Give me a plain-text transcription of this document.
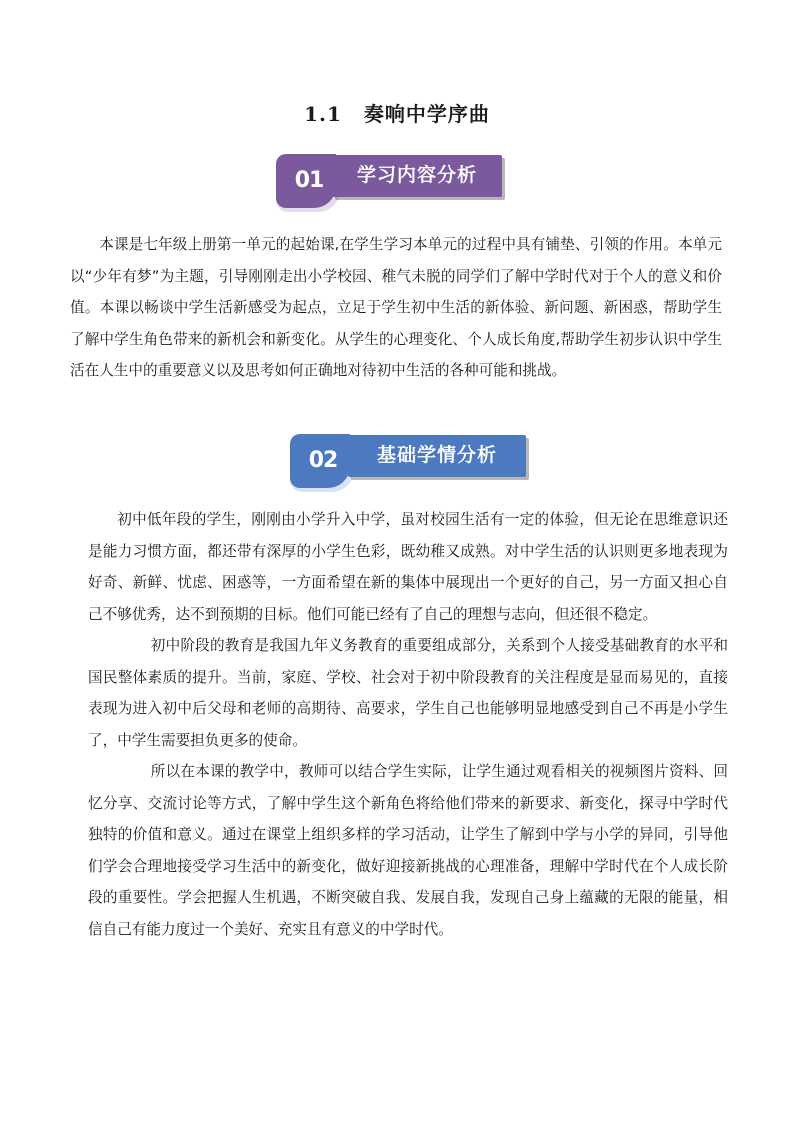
1.1 奏响中学序曲
01	学习内容分析

本课是七年级上册第一单元的起始课,在学生学习本单元的过程中具有铺垫、引领的作用。本单元以“少年有梦”为主题，引导刚刚走出小学校园、稚气未脱的同学们了解中学时代对于个人的意义和价值。本课以畅谈中学生活新感受为起点，立足于学生初中生活的新体验、新问题、新困惑，帮助学生了解中学生角色带来的新机会和新变化。从学生的心理变化、个人成长角度,帮助学生初步认识中学生活在人生中的重要意义以及思考如何正确地对待初中生活的各种可能和挑战。

02	基础学情分析

初中低年段的学生，刚刚由小学升入中学，虽对校园生活有一定的体验，但无论在思维意识还是能力习惯方面，都还带有深厚的小学生色彩，既幼稚又成熟。对中学生活的认识则更多地表现为好奇、新鲜、忧虑、困惑等，一方面希望在新的集体中展现出一个更好的自己，另一方面又担心自己不够优秀，达不到预期的目标。他们可能已经有了自己的理想与志向，但还很不稳定。

初中阶段的教育是我国九年义务教育的重要组成部分，关系到个人接受基础教育的水平和国民整体素质的提升。当前，家庭、学校、社会对于初中阶段教育的关注程度是显而易见的，直接表现为进入初中后父母和老师的高期待、高要求，学生自己也能够明显地感受到自己不再是小学生了，中学生需要担负更多的使命。

所以在本课的教学中，教师可以结合学生实际，让学生通过观看相关的视频图片资料、回忆分享、交流讨论等方式，了解中学生这个新角色将给他们带来的新要求、新变化，探寻中学时代独特的价值和意义。通过在课堂上组织多样的学习活动，让学生了解到中学与小学的异同，引导他们学会合理地接受学习生活中的新变化，做好迎接新挑战的心理准备，理解中学时代在个人成长阶段的重要性。学会把握人生机遇，不断突破自我、发展自我，发现自己身上蕴藏的无限的能量，相信自己有能力度过一个美好、充实且有意义的中学时代。
